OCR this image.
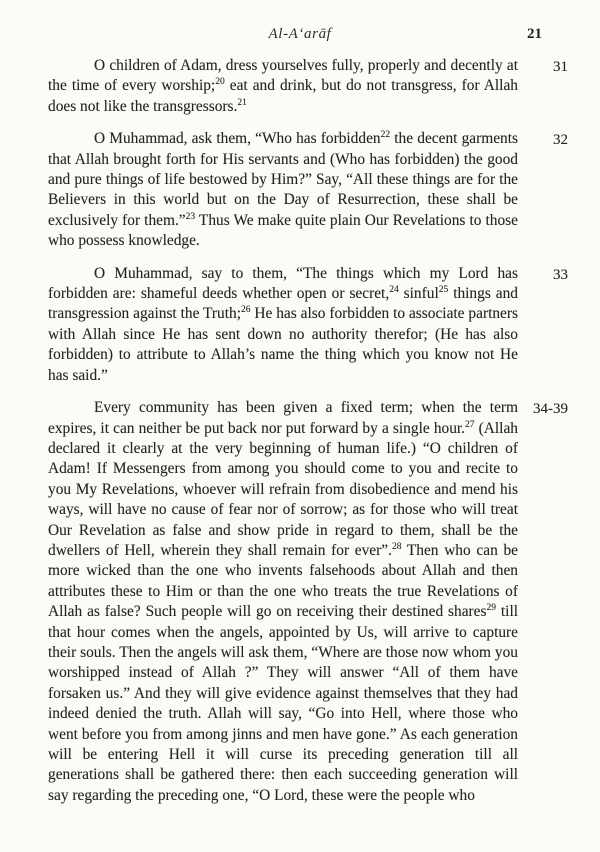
Al-A‘arāf	21

O children of Adam, dress yourselves fully, properly and decently at the time of every worship;$^{20}$ eat and drink, but do not transgress, for Allah does not like the transgressors.$^{21}$
31

O Muhammad, ask them, “Who has forbidden$^{22}$ the decent garments that Allah brought forth for His servants and (Who has forbidden) the good and pure things of life bestowed by Him?” Say, “All these things are for the Believers in this world but on the Day of Resurrection, these shall be exclusively for them.”$^{23}$ Thus We make quite plain Our Revelations to those who possess knowledge.
32

O Muhammad, say to them, “The things which my Lord has forbidden are: shameful deeds whether open or secret,$^{24}$ sinful$^{25}$ things and transgression against the Truth;$^{26}$ He has also forbidden to associate partners with Allah since He has sent down no authority therefor; (He has also forbidden) to attribute to Allah’s name the thing which you know not He has said.”
33

Every community has been given a fixed term; when the term expires, it can neither be put back nor put forward by a single hour.$^{27}$ (Allah declared it clearly at the very beginning of human life.) “O children of Adam! If Messengers from among you should come to you and recite to you My Revelations, whoever will refrain from disobedience and mend his ways, will have no cause of fear nor of sorrow; as for those who will treat Our Revelation as false and show pride in regard to them, shall be the dwellers of Hell, wherein they shall remain for ever”.$^{28}$ Then who can be more wicked than the one who invents falsehoods about Allah and then attributes these to Him or than the one who treats the true Revelations of Allah as false? Such people will go on receiving their destined shares$^{29}$ till that hour comes when the angels, appointed by Us, will arrive to capture their souls. Then the angels will ask them, “Where are those now whom you worshipped instead of Allah ?” They will answer “All of them have forsaken us.” And they will give evidence against themselves that they had indeed denied the truth. Allah will say, “Go into Hell, where those who went before you from among jinns and men have gone.” As each generation will be entering Hell it will curse its preceding generation till all generations shall be gathered there: then each succeeding generation will say regarding the preceding one, “O Lord, these were the people who
34-39
